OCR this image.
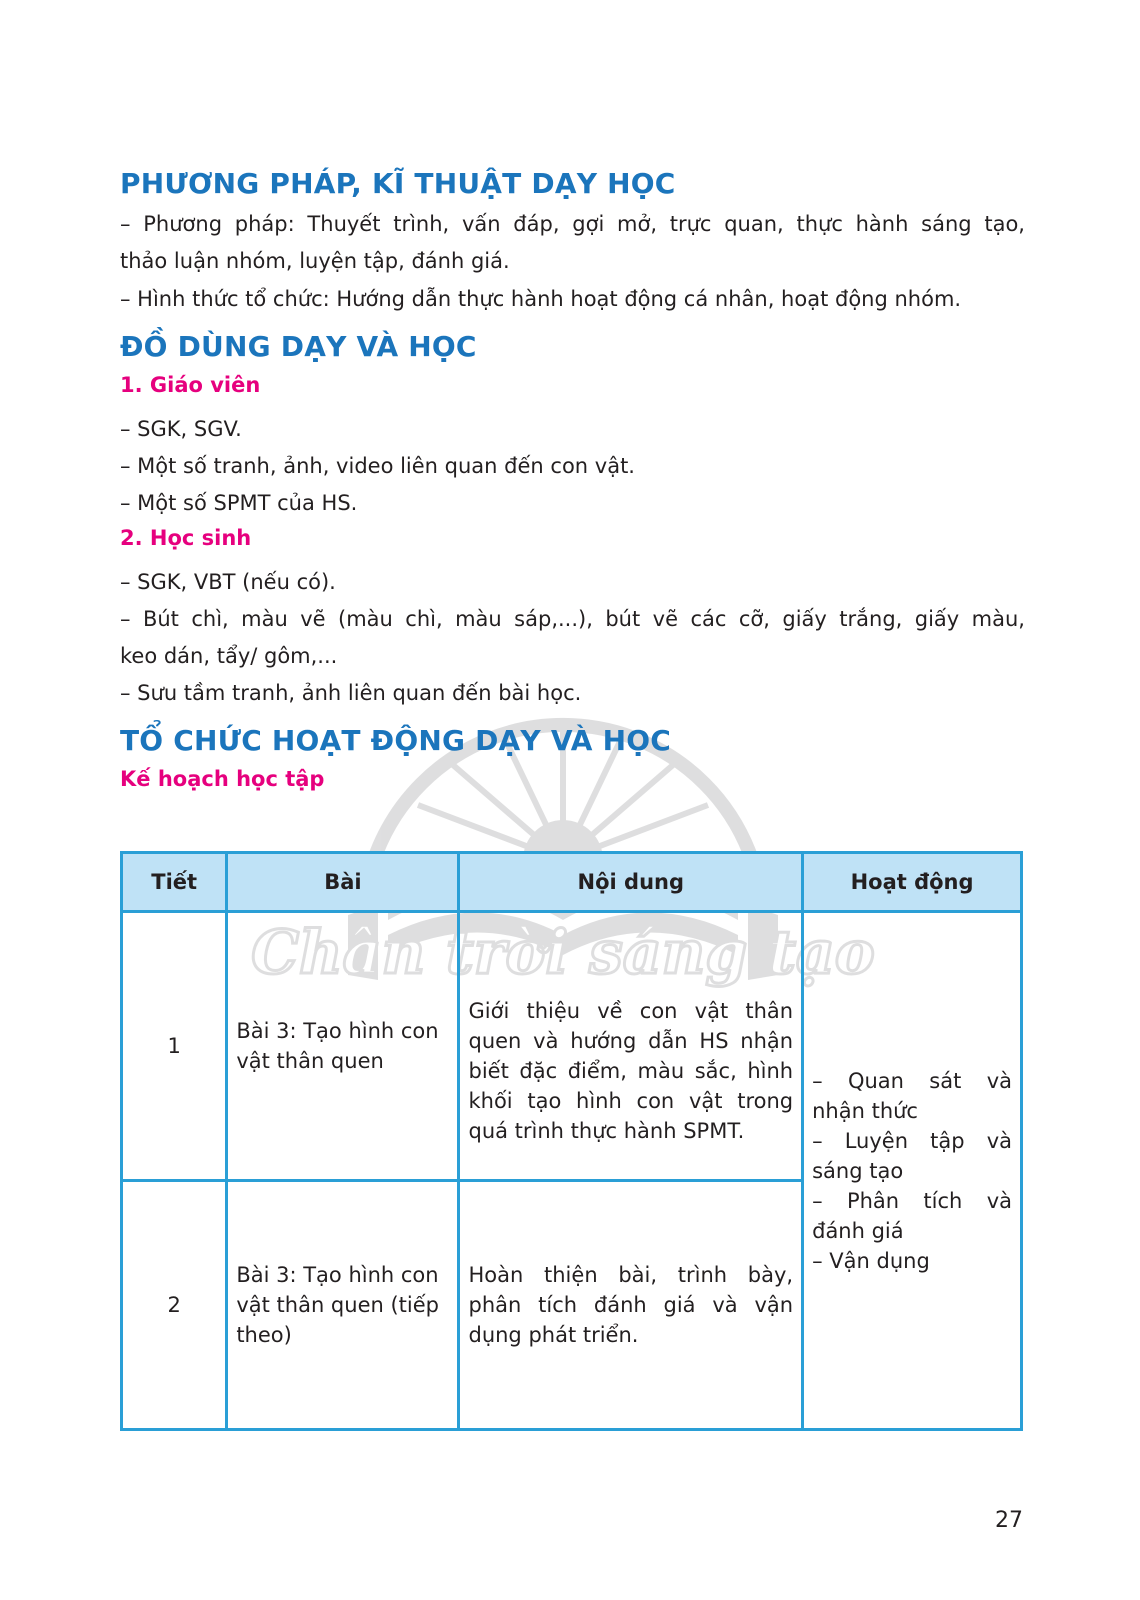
Chân trời sáng tạo
PHƯƠNG PHÁP, KĨ THUẬT DẠY HỌC

– Phương pháp: Thuyết trình, vấn đáp, gợi mở, trực quan, thực hành sáng tạo,

thảo luận nhóm, luyện tập, đánh giá.

– Hình thức tổ chức: Hướng dẫn thực hành hoạt động cá nhân, hoạt động nhóm.

ĐỒ DÙNG DẠY VÀ HỌC
1. Giáo viên

– SGK, SGV.

– Một số tranh, ảnh, video liên quan đến con vật.

– Một số SPMT của HS.

2. Học sinh

– SGK, VBT (nếu có).

– Bút chì, màu vẽ (màu chì, màu sáp,...), bút vẽ các cỡ, giấy trắng, giấy màu,

keo dán, tẩy/ gôm,...

– Sưu tầm tranh, ảnh liên quan đến bài học.

TỔ CHỨC HOẠT ĐỘNG DẠY VÀ HỌC
Kế hoạch học tập
Tiết	Bài	Nội dung	Hoạt động
1	Bài 3: Tạo hình con vật thân quen	Giới thiệu về con vật thân quen và hướng dẫn HS nhận biết đặc điểm, màu sắc, hình khối tạo hình con vật trong quá trình thực hành SPMT.	– Quan sát và nhận thức
– Luyện tập và sáng tạo
– Phân tích và đánh giá
– Vận dụng

2	Bài 3: Tạo hình con vật thân quen (tiếp theo)	Hoàn thiện bài, trình bày, phân tích đánh giá và vận dụng phát triển.	
27
